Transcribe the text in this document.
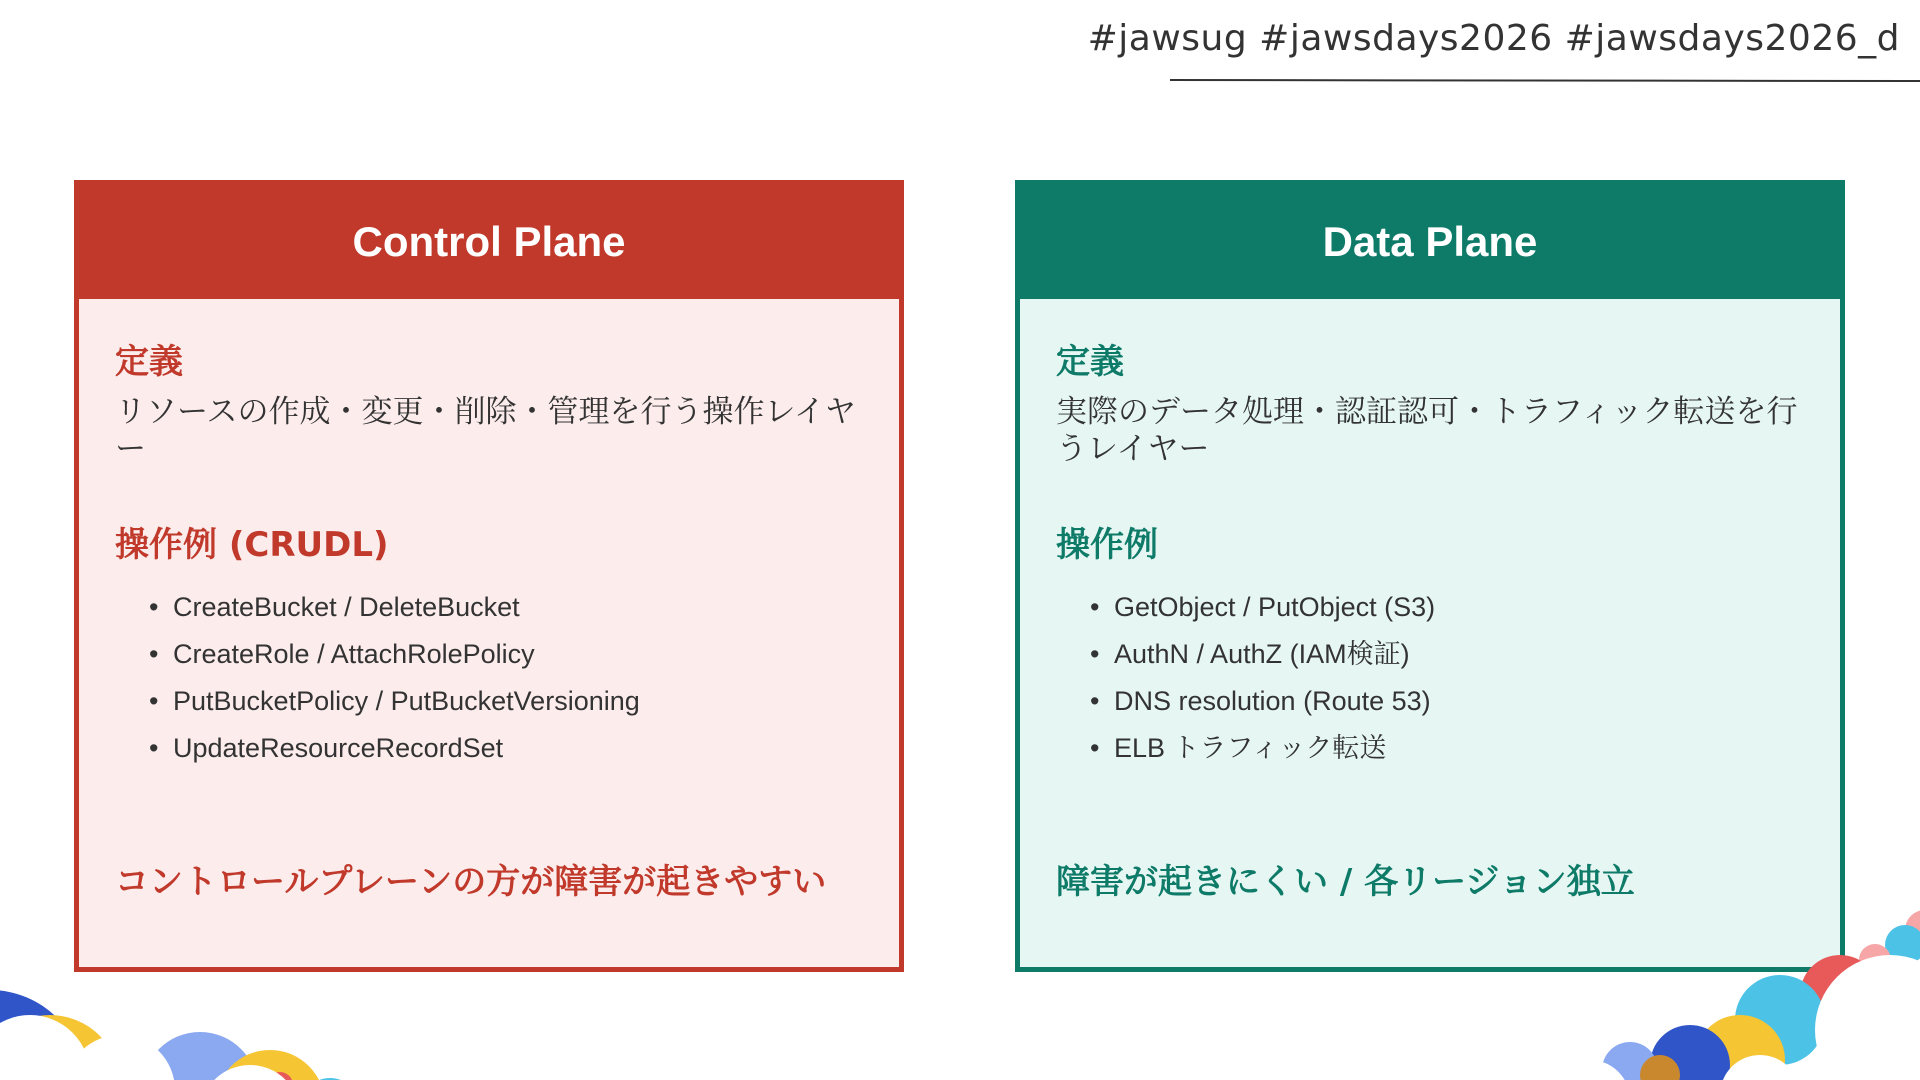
#jawsug #jawsdays2026 #jawsdays2026_d
Control Plane
定義
リソースの作成・変更・削除・管理を行う操作レイヤー
操作例 (CRUDL)
• CreateBucket / DeleteBucket
• CreateRole / AttachRolePolicy
• PutBucketPolicy / PutBucketVersioning
• UpdateResourceRecordSet
コントロールプレーンの方が障害が起きやすい
Data Plane
定義
実際のデータ処理・認証認可・トラフィック転送を行うレイヤー
操作例
• GetObject / PutObject (S3)
• AuthN / AuthZ (IAM検証)
• DNS resolution (Route 53)
• ELB トラフィック転送
障害が起きにくい / 各リージョン独立
